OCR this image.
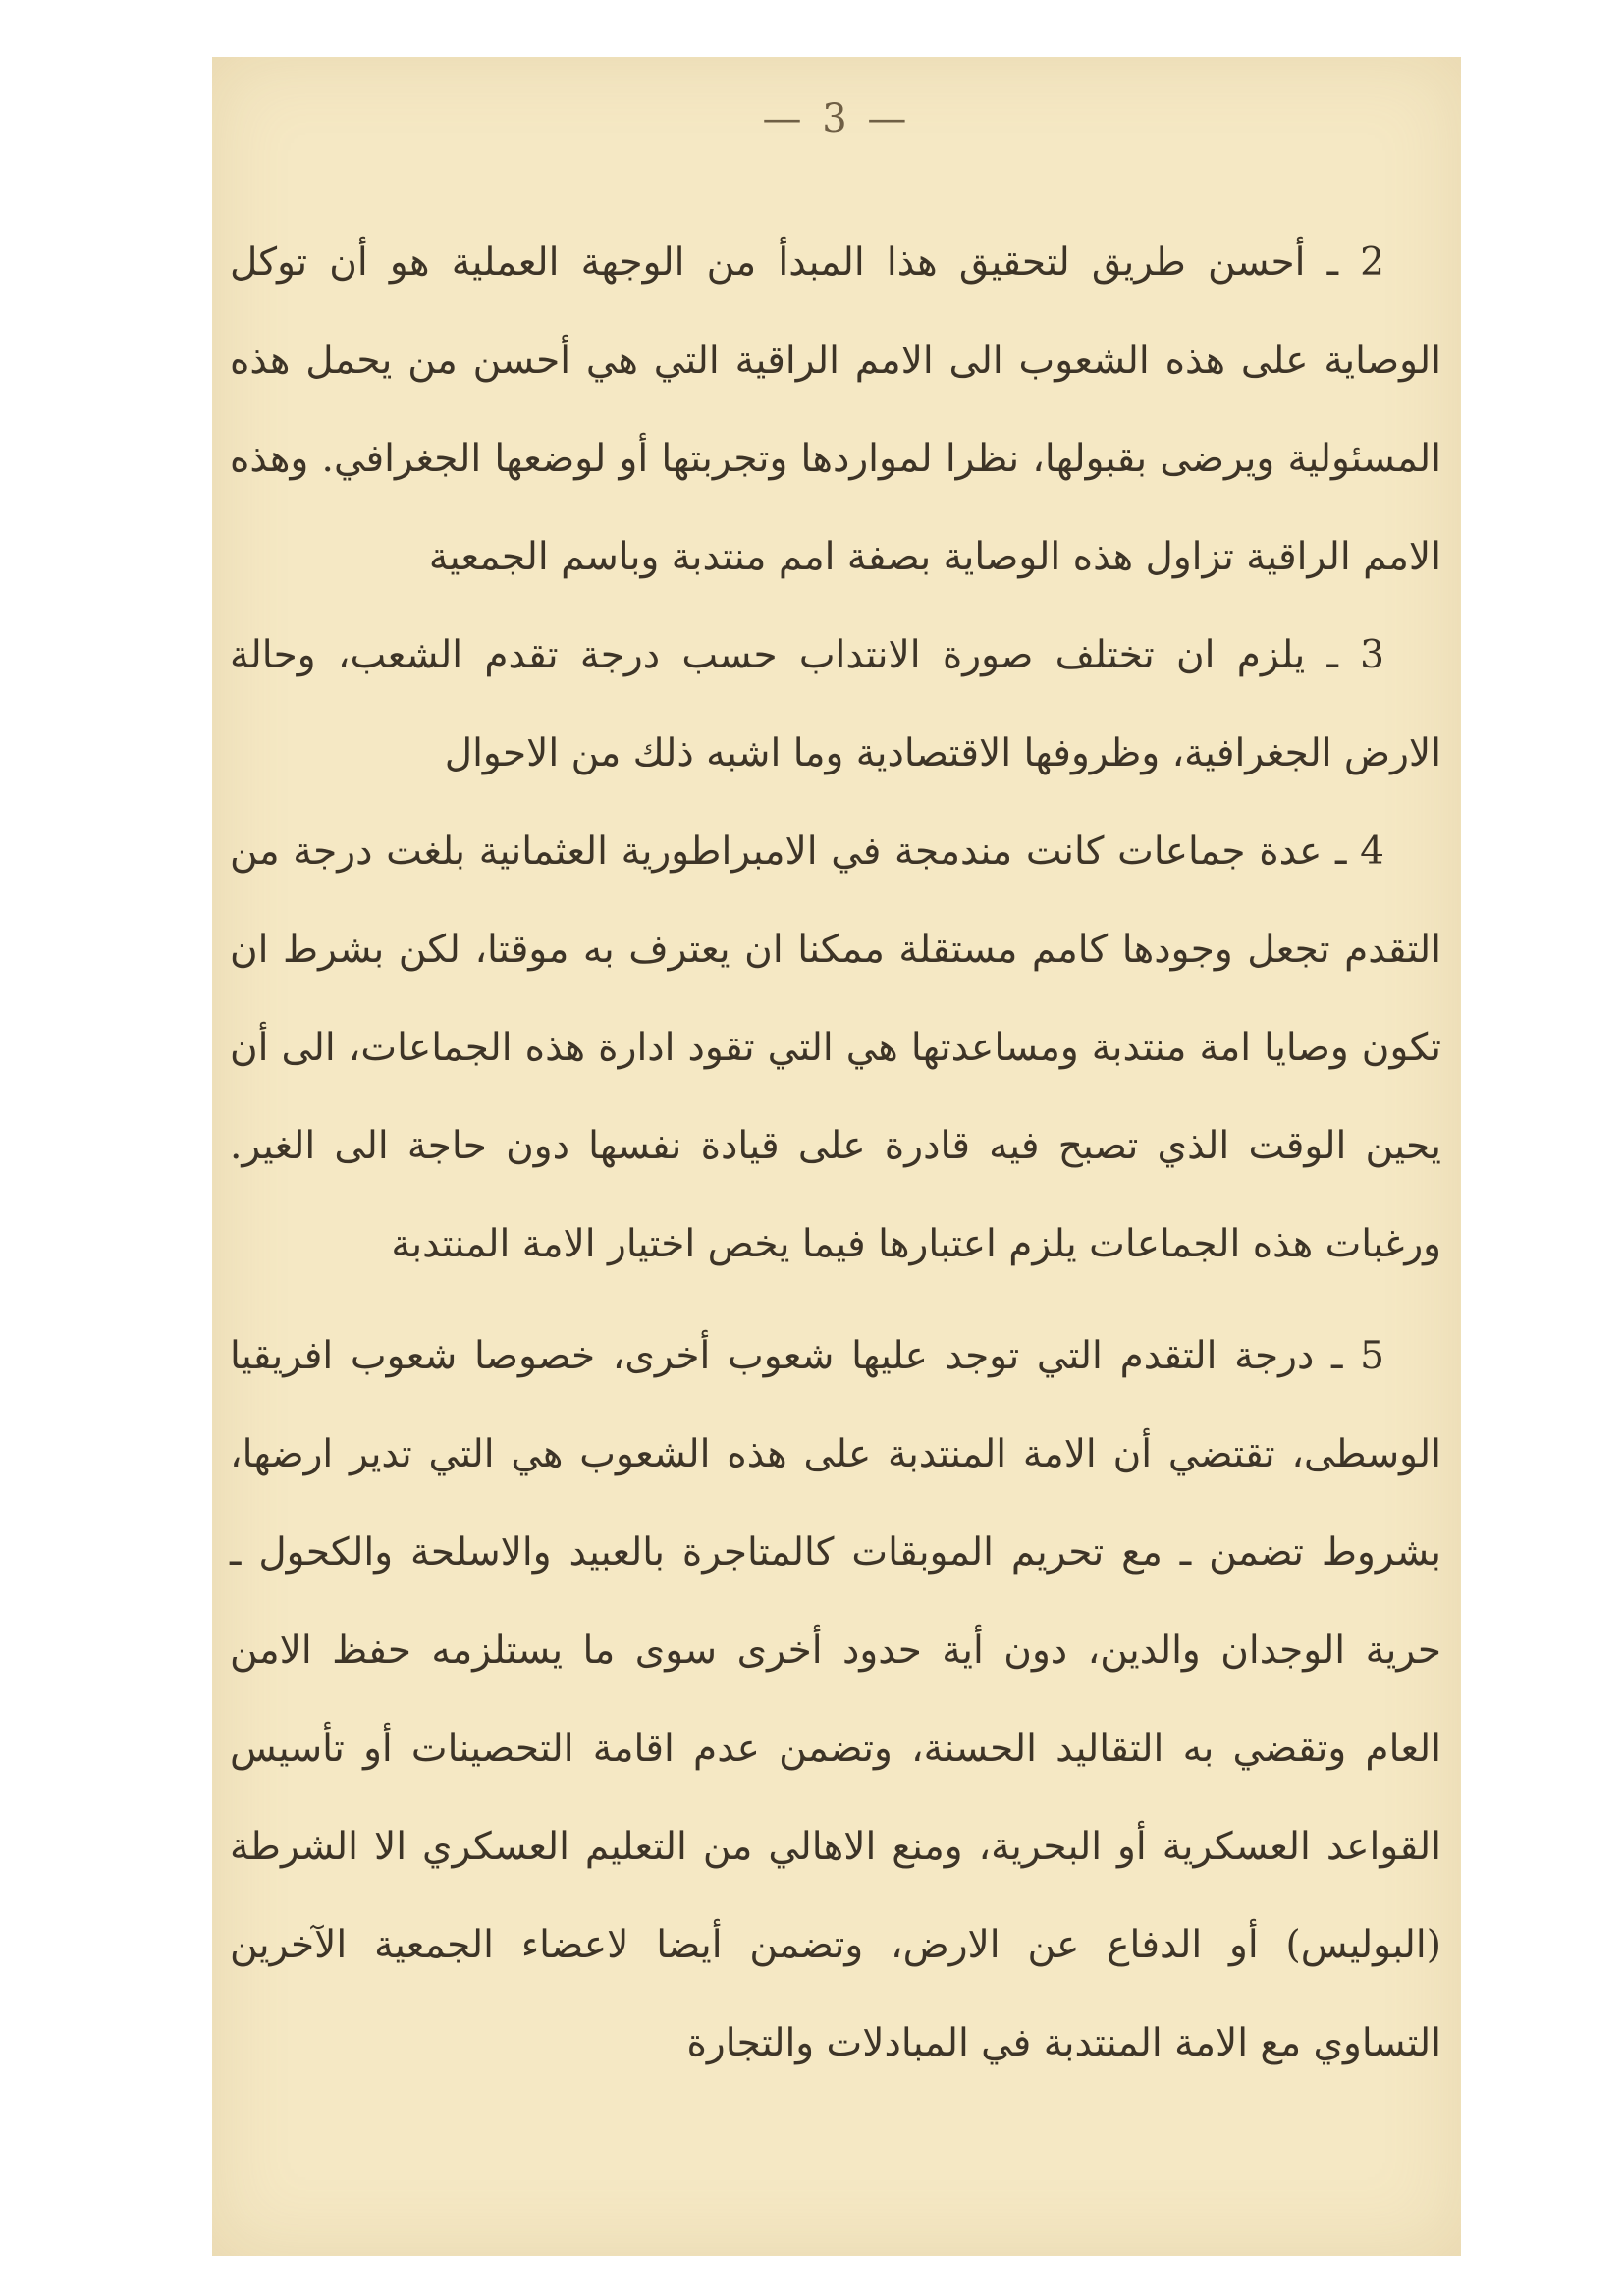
— 3 —

2 ـ أحسن طريق لتحقيق هذا المبدأ من الوجهة العملية هو أن توكل الوصاية على هذه الشعوب الى الامم الراقية التي هي أحسن من يحمل هذه المسئولية ويرضى بقبولها، نظرا لمواردها وتجربتها أو لوضعها الجغرافي. وهذه الامم الراقية تزاول هذه الوصاية بصفة امم منتدبة وباسم الجمعية

3 ـ يلزم ان تختلف صورة الانتداب حسب درجة تقدم الشعب، وحالة الارض الجغرافية، وظروفها الاقتصادية وما اشبه ذلك من الاحوال

4 ـ عدة جماعات كانت مندمجة في الامبراطورية العثمانية بلغت درجة من التقدم تجعل وجودها كامم مستقلة ممكنا ان يعترف به موقتا، لكن بشرط ان تكون وصايا امة منتدبة ومساعدتها هي التي تقود ادارة هذه الجماعات، الى أن يحين الوقت الذي تصبح فيه قادرة على قيادة نفسها دون حاجة الى الغير. ورغبات هذه الجماعات يلزم اعتبارها فيما يخص اختيار الامة المنتدبة

5 ـ درجة التقدم التي توجد عليها شعوب أخرى، خصوصا شعوب افريقيا الوسطى، تقتضي أن الامة المنتدبة على هذه الشعوب هي التي تدير ارضها، بشروط تضمن ـ مع تحريم الموبقات كالمتاجرة بالعبيد والاسلحة والكحول ـ حرية الوجدان والدين، دون أية حدود أخرى سوى ما يستلزمه حفظ الامن العام وتقضي به التقاليد الحسنة، وتضمن عدم اقامة التحصينات أو تأسيس القواعد العسكرية أو البحرية، ومنع الاهالي من التعليم العسكري الا الشرطة (البوليس) أو الدفاع عن الارض، وتضمن أيضا لاعضاء الجمعية الآخرين التساوي مع الامة المنتدبة في المبادلات والتجارة
